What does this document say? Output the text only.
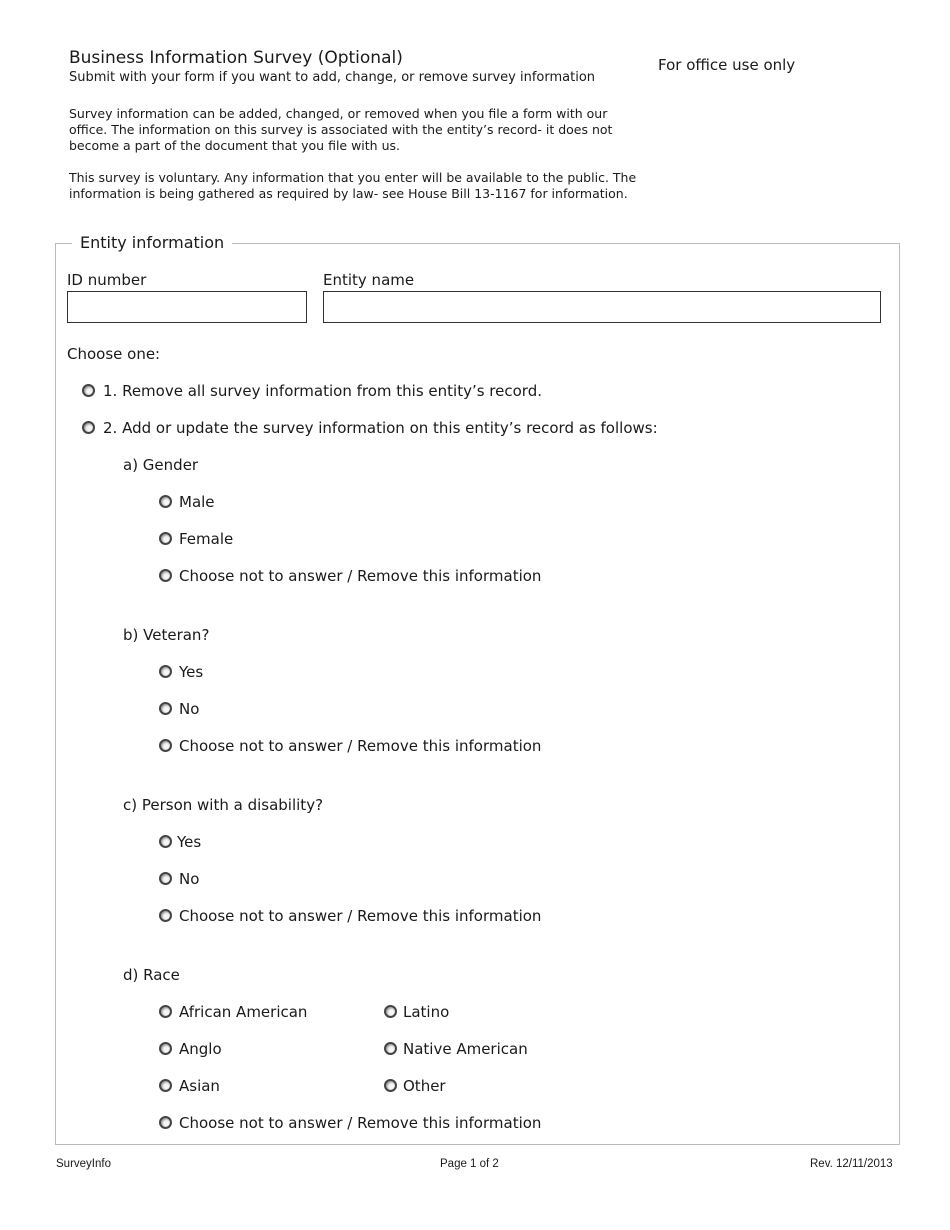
Business Information Survey (Optional)
Submit with your form if you want to add, change, or remove survey information
For office use only
Survey information can be added, changed, or removed when you file a form with our
office. The information on this survey is associated with the entity’s record- it does not
become a part of the document that you file with us.
This survey is voluntary. Any information that you enter will be available to the public. The
information is being gathered as required by law- see House Bill 13-1167 for information.
Entity information
ID number	Entity name
Choose one:
1. Remove all survey information from this entity’s record.
2. Add or update the survey information on this entity’s record as follows:
a) Gender
Male
Female
Choose not to answer / Remove this information
b) Veteran?
Yes
No
Choose not to answer / Remove this information
c) Person with a disability?
Yes
No
Choose not to answer / Remove this information
d) Race
African American
Anglo
Asian
Latino
Native American
Other
Choose not to answer / Remove this information
SurveyInfo	Page 1 of 2	Rev. 12/11/2013
